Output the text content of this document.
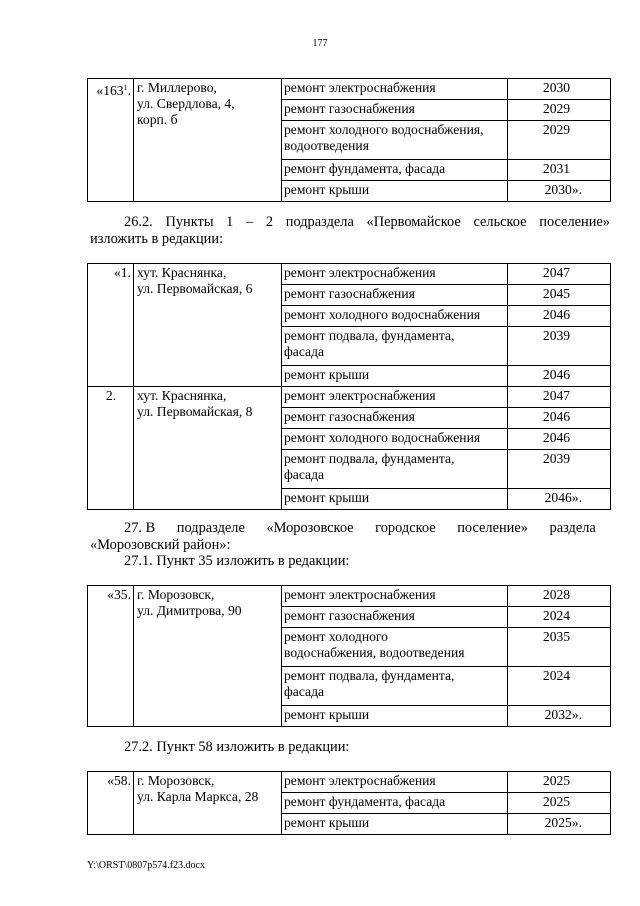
177
«$163^1$.	г. Миллерово,
ул. Свердлова, 4,
корп. б	ремонт электроснабжения	2030
		ремонт газоснабжения	2029
		ремонт холодного водоснабжения, водоотведения	2029
		ремонт фундамента, фасада	2031
		ремонт крыши	2030».
26.2. Пункты 1 – 2 подраздела «Первомайское сельское поселение»
изложить в редакции:
«1.	хут. Краснянка,
ул. Первомайская, 6	ремонт электроснабжения	2047
		ремонт газоснабжения	2045
		ремонт холодного водоснабжения	2046
		ремонт подвала, фундамента,
фасада	2039
		ремонт крыши	2046
2.	хут. Краснянка,
ул. Первомайская, 8	ремонт электроснабжения	2047
		ремонт газоснабжения	2046
		ремонт холодного водоснабжения	2046
		ремонт подвала, фундамента,
фасада	2039
		ремонт крыши	2046».
27. В      подразделе      «Морозовское      городское      поселение»      раздела
«Морозовский район»:
27.1. Пункт 35 изложить в редакции:
«35.	г. Морозовск,
ул. Димитрова, 90	ремонт электроснабжения	2028
		ремонт газоснабжения	2024
		ремонт холодного
водоснабжения, водоотведения	2035
		ремонт подвала, фундамента,
фасада	2024
		ремонт крыши	2032».
27.2. Пункт 58 изложить в редакции:
«58.	г. Морозовск,
ул. Карла Маркса, 28	ремонт электроснабжения	2025
		ремонт фундамента, фасада	2025
		ремонт крыши	2025».
Y:\ORST\0807p574.f23.docx
